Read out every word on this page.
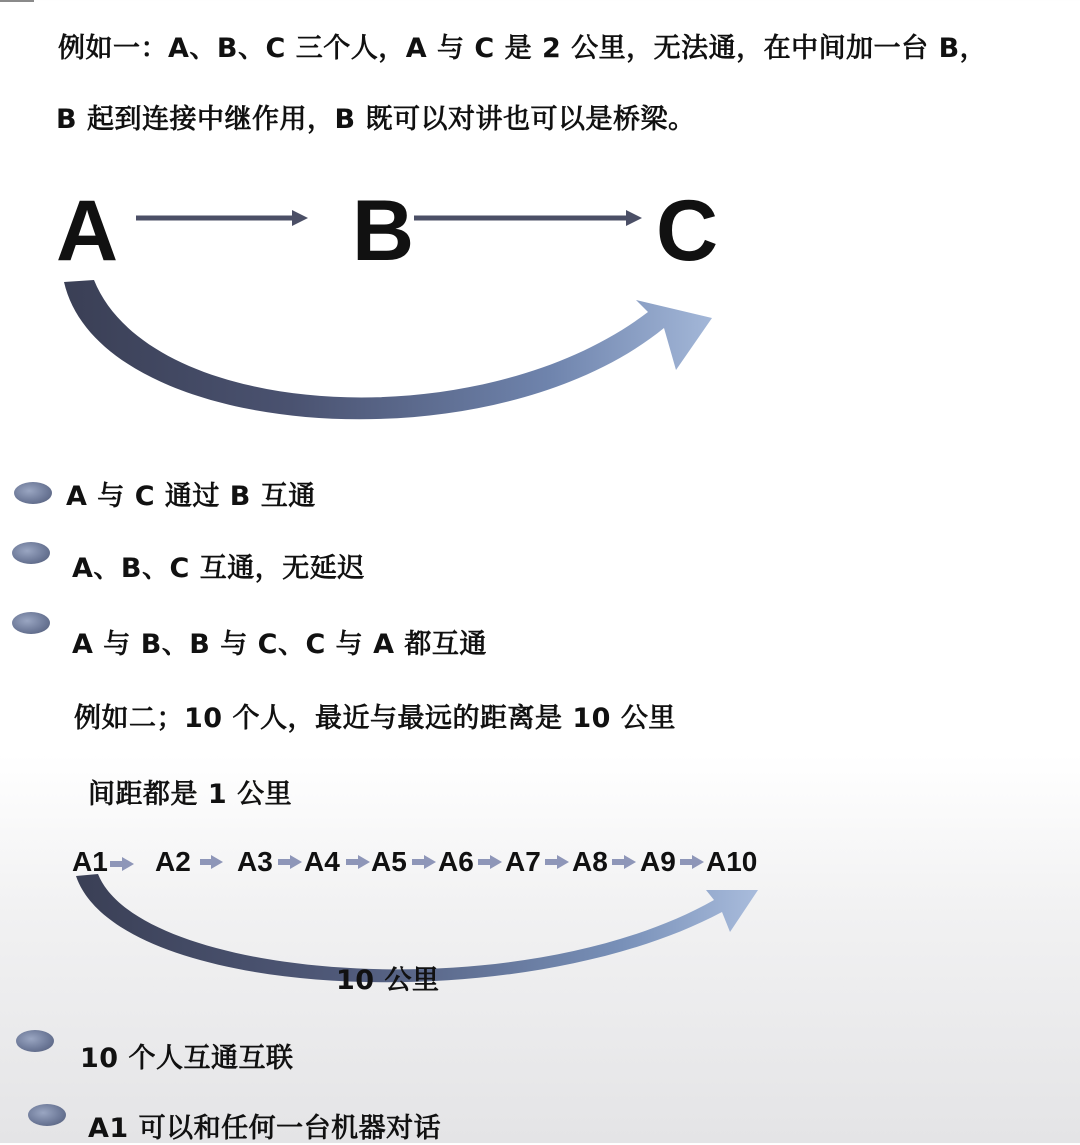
例如一：A、B、C 三个人，A 与 C 是 2 公里，无法通，在中间加一台 B，
B 起到连接中继作用，B 既可以对讲也可以是桥梁。
A	B	C
A 与 C 通过 B 互通
A、B、C 互通，无延迟
A 与 B、B 与 C、C 与 A 都互通
例如二；10 个人，最近与最远的距离是 10 公里
间距都是 1 公里
A1 A2 A3 A4 A5 A6 A7 A8 A9 A10
10 公里
10 个人互通互联
A1 可以和任何一台机器对话
